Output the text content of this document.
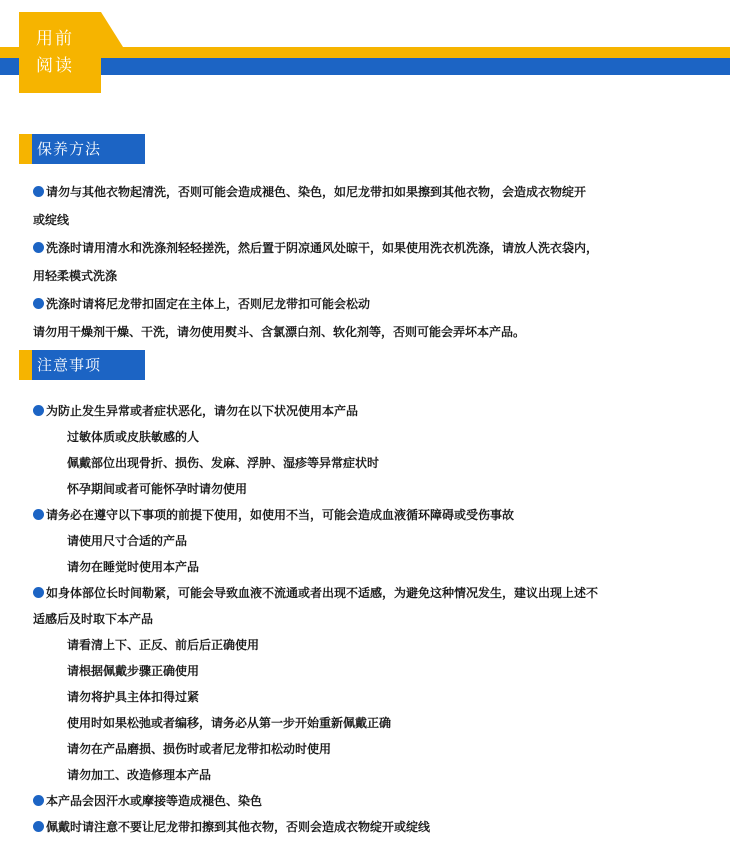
用前
阅读
保养方法
请勿与其他衣物起清洗，否则可能会造成褪色、染色，如尼龙带扣如果擦到其他衣物，会造成衣物绽开
或绽线
洗涤时请用清水和洗涤剂轻轻搓洗，然后置于阴凉通风处晾干，如果使用洗衣机洗涤，请放人洗衣袋内，
用轻柔模式洗涤
洗涤时请将尼龙带扣固定在主体上，否则尼龙带扣可能会松动
请勿用干燥剂干燥、干洗，请勿使用熨斗、含氯漂白剂、软化剂等，否则可能会弄坏本产品。
注意事项
为防止发生异常或者症状恶化，请勿在以下状况使用本产品
过敏体质或皮肤敏感的人
佩戴部位出现骨折、损伤、发麻、浮肿、湿疹等异常症状时
怀孕期间或者可能怀孕时请勿使用
请务必在遵守以下事项的前提下使用，如使用不当，可能会造成血液循环障碍或受伤事故
请使用尺寸合适的产品
请勿在睡觉时使用本产品
如身体部位长时间勒紧，可能会导致血液不流通或者出现不适感，为避免这种情况发生，建议出现上述不
适感后及时取下本产品
请看清上下、正反、前后后正确使用
请根据佩戴步骤正确使用
请勿将护具主体扣得过紧
使用时如果松弛或者编移，请务必从第一步开始重新佩戴正确
请勿在产品磨损、损伤时或者尼龙带扣松动时使用
请勿加工、改造修理本产品
本产品会因汗水或摩接等造成褪色、染色
佩戴时请注意不要让尼龙带扣擦到其他衣物，否则会造成衣物绽开或绽线
